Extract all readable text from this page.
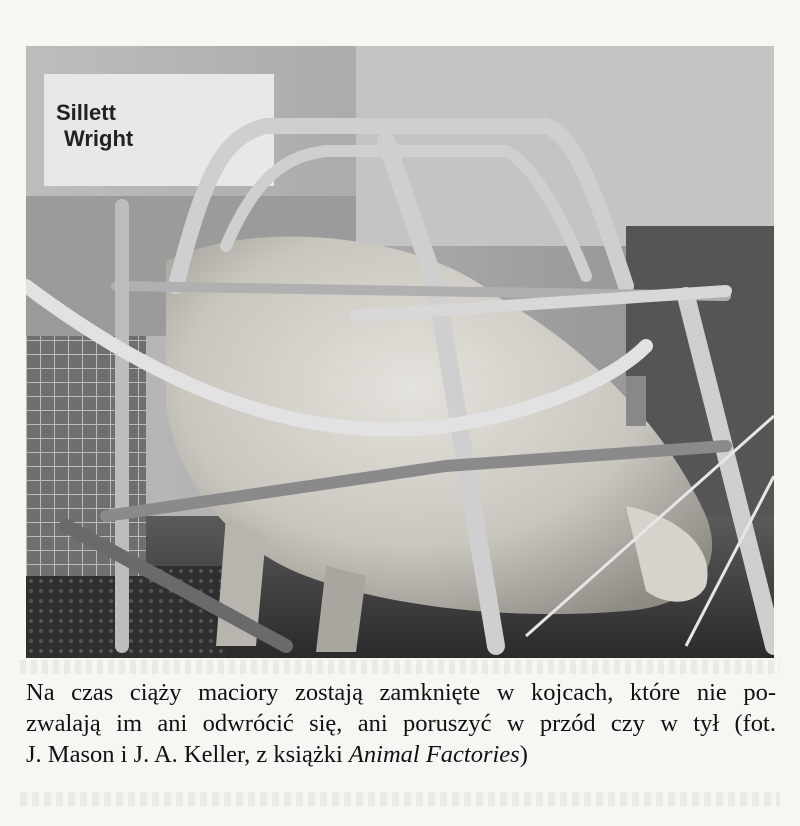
Sillett
Wright
Na czas ciąży maciory zostają zamknięte w kojcach, które nie po-
zwalają im ani odwrócić się, ani poruszyć w przód czy w tył (fot.
J. Mason i J. A. Keller, z książki Animal Factories)
